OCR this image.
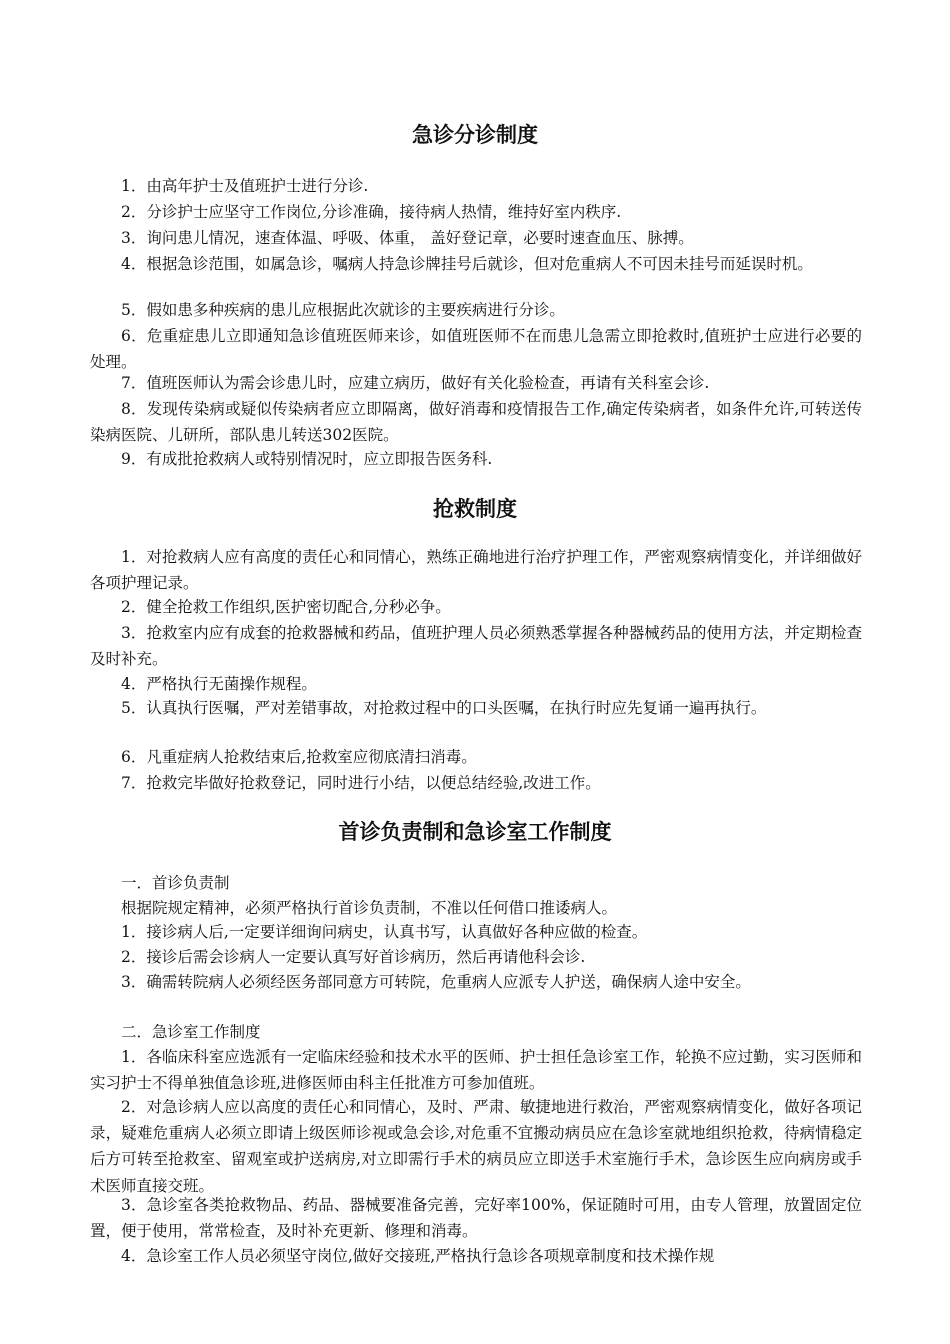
急诊分诊制度

1．由高年护士及值班护士进行分诊.

2．分诊护士应坚守工作岗位,分诊准确，接待病人热情，维持好室内秩序.

3．询问患儿情况，速查体温、呼吸、体重， 盖好登记章，必要时速查血压、脉搏。

4．根据急诊范围，如属急诊，嘱病人持急诊牌挂号后就诊，但对危重病人不可因未挂号而延误时机。

5．假如患多种疾病的患儿应根据此次就诊的主要疾病进行分诊。

6．危重症患儿立即通知急诊值班医师来诊，如值班医师不在而患儿急需立即抢救时,值班护士应进行必要的处理。

7．值班医师认为需会诊患儿时，应建立病历，做好有关化验检查，再请有关科室会诊.

8．发现传染病或疑似传染病者应立即隔离，做好消毒和疫情报告工作,确定传染病者，如条件允许,可转送传染病医院、儿研所，部队患儿转送302医院。

9．有成批抢救病人或特别情况时，应立即报告医务科.

抢救制度

1．对抢救病人应有高度的责任心和同情心，熟练正确地进行治疗护理工作，严密观察病情变化，并详细做好各项护理记录。

2．健全抢救工作组织,医护密切配合,分秒必争。

3．抢救室内应有成套的抢救器械和药品，值班护理人员必须熟悉掌握各种器械药品的使用方法，并定期检查及时补充。

4．严格执行无菌操作规程。

5．认真执行医嘱，严对差错事故，对抢救过程中的口头医嘱，在执行时应先复诵一遍再执行。

6．凡重症病人抢救结束后,抢救室应彻底清扫消毒。

7．抢救完毕做好抢救登记，同时进行小结，以便总结经验,改进工作。

首诊负责制和急诊室工作制度

一．首诊负责制

根据院规定精神，必须严格执行首诊负责制，不准以任何借口推诿病人。

1．接诊病人后,一定要详细询问病史，认真书写，认真做好各种应做的检查。

2．接诊后需会诊病人一定要认真写好首诊病历，然后再请他科会诊.

3．确需转院病人必须经医务部同意方可转院，危重病人应派专人护送，确保病人途中安全。

二．急诊室工作制度

1．各临床科室应选派有一定临床经验和技术水平的医师、护士担任急诊室工作，轮换不应过勤，实习医师和实习护士不得单独值急诊班,进修医师由科主任批准方可参加值班。

2．对急诊病人应以高度的责任心和同情心，及时、严肃、敏捷地进行救治，严密观察病情变化，做好各项记录，疑难危重病人必须立即请上级医师诊视或急会诊,对危重不宜搬动病员应在急诊室就地组织抢救，待病情稳定后方可转至抢救室、留观室或护送病房,对立即需行手术的病员应立即送手术室施行手术，急诊医生应向病房或手术医师直接交班。

3．急诊室各类抢救物品、药品、器械要准备完善，完好率100%，保证随时可用，由专人管理，放置固定位置，便于使用，常常检查，及时补充更新、修理和消毒。

4．急诊室工作人员必须坚守岗位,做好交接班,严格执行急诊各项规章制度和技术操作规
